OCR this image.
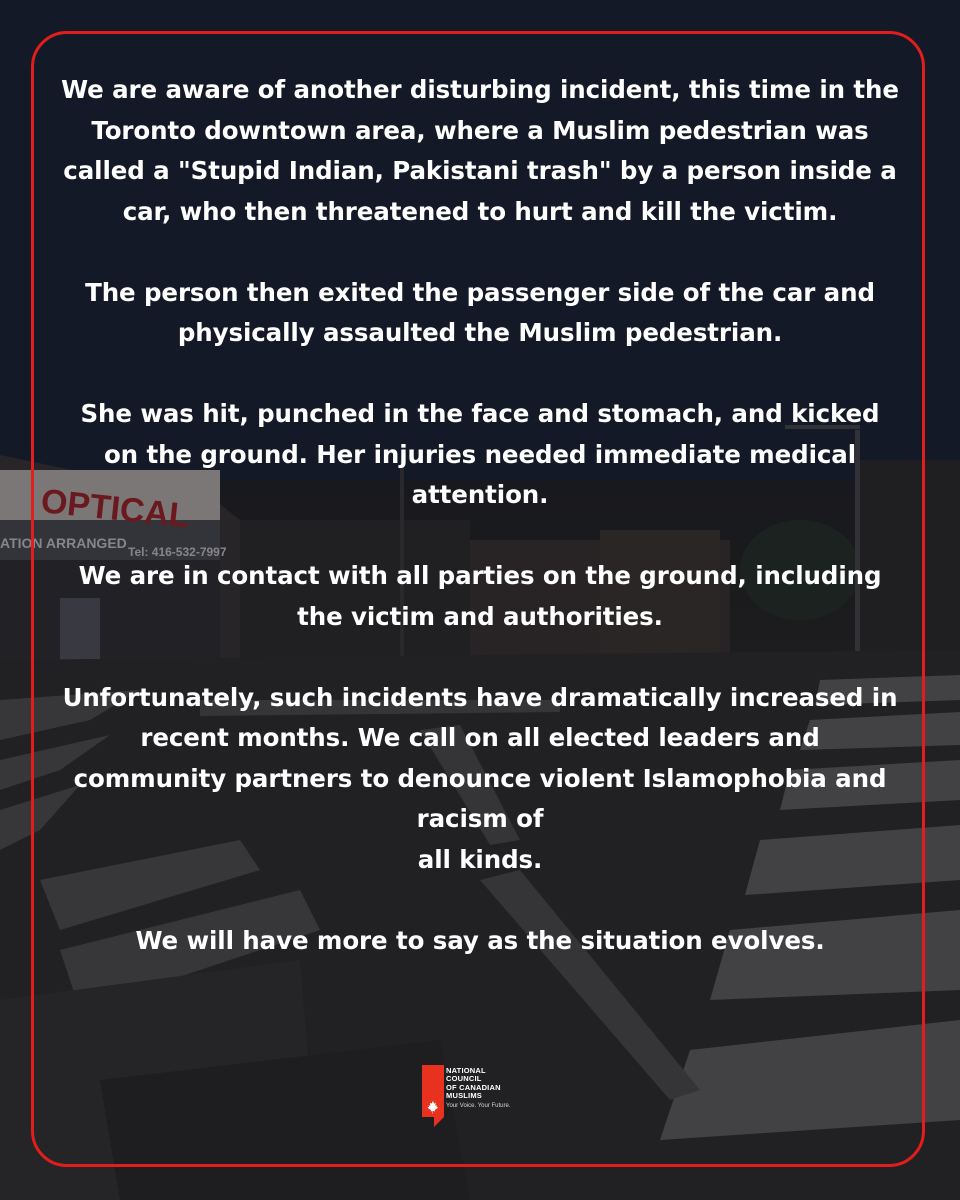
OPTICAL
ATION ARRANGED
Tel: 416-532-7997

We are aware of another disturbing incident, this time in the Toronto downtown area, where a Muslim pedestrian was called a "Stupid Indian, Pakistani trash" by a person inside a car, who then threatened to hurt and kill the victim.

The person then exited the passenger side of the car and physically assaulted the Muslim pedestrian.

She was hit, punched in the face and stomach, and kicked on the ground. Her injuries needed immediate medical attention.

We are in contact with all parties on the ground, including the victim and authorities.

Unfortunately, such incidents have dramatically increased in recent months. We call on all elected leaders and community partners to denounce violent Islamophobia and racism of
all kinds.

We will have more to say as the situation evolves.

NATIONAL
COUNCIL
OF CANADIAN
MUSLIMS
Your Voice. Your Future.
